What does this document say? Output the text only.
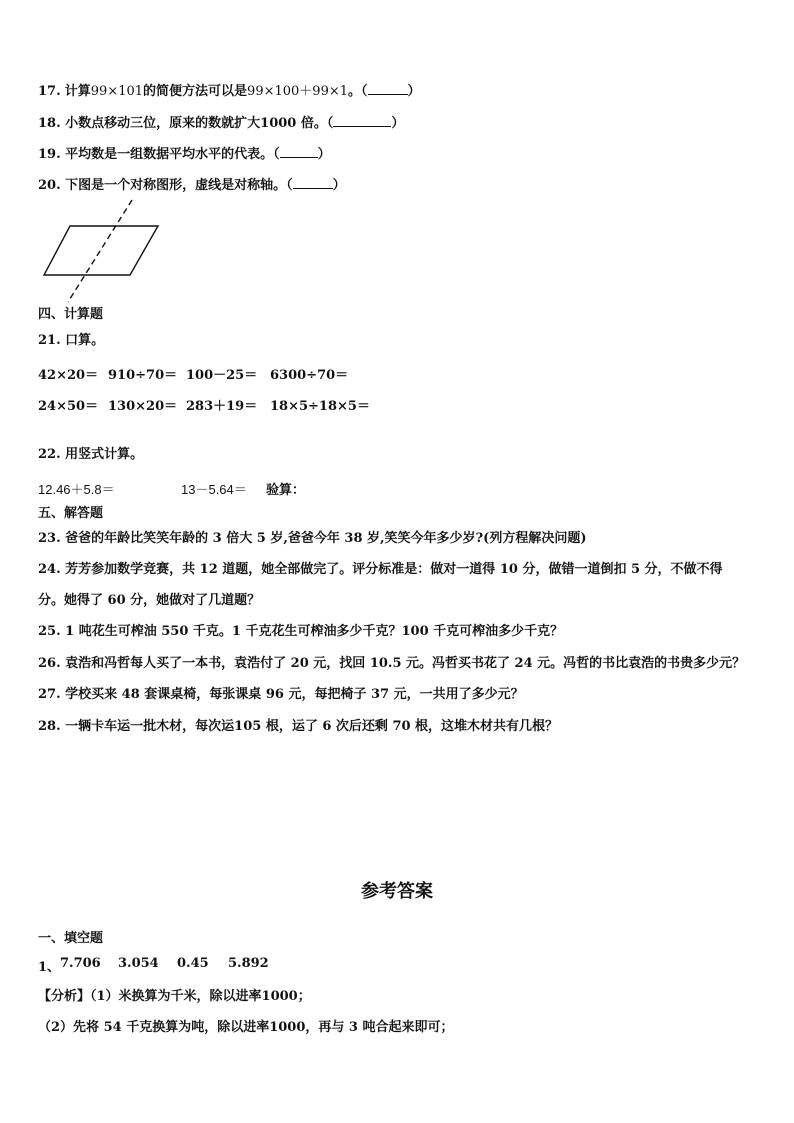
17. 计算99×101的简便方法可以是99×100＋99×1。（	）
18. 小数点移动三位，原来的数就扩大1000 倍。（	）
19. 平均数是一组数据平均水平的代表。（	）
20. 下图是一个对称图形，虚线是对称轴。（	）
四、计算题
21. 口算。
42×20＝ 910÷70＝ 100－25＝ 6300÷70＝
24×50＝ 130×20＝ 283＋19＝ 18×5÷18×5＝
22. 用竖式计算。
12.46＋5.8＝	13－5.64＝ 验算：
五、解答题
23. 爸爸的年龄比笑笑年龄的 3 倍大 5 岁,爸爸今年 38 岁,笑笑今年多少岁?(列方程解决问题)
24. 芳芳参加数学竞赛，共 12 道题，她全部做完了。评分标准是：做对一道得 10 分，做错一道倒扣 5 分，不做不得
分。她得了 60 分，她做对了几道题？
25. 1 吨花生可榨油 550 千克。1 千克花生可榨油多少千克？100 千克可榨油多少千克？
26. 袁浩和冯哲每人买了一本书，袁浩付了 20 元，找回 10.5 元。冯哲买书花了 24 元。冯哲的书比袁浩的书贵多少元？
27. 学校买来 48 套课桌椅，每张课桌 96 元，每把椅子 37 元，一共用了多少元？
28. 一辆卡车运一批木材，每次运105 根，运了 6 次后还剩 70 根，这堆木材共有几根？
参考答案
一、填空题
1、 7.706 3.054 0.45 5.892
【分析】（1）米换算为千米，除以进率1000；
（2）先将 54 千克换算为吨，除以进率1000，再与 3 吨合起来即可；
